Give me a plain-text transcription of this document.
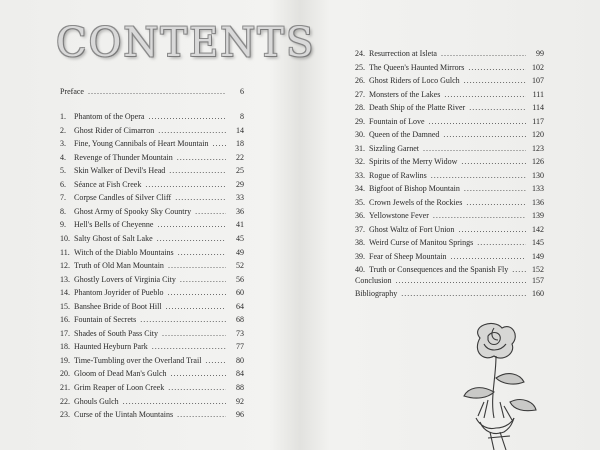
CONTENTS
Preface .....	6
1. Phantom of the Opera .....	8
2. Ghost Rider of Cimarron .....	14
3. Fine, Young Cannibals of Heart Mountain .....	18
4. Revenge of Thunder Mountain .....	22
5. Skin Walker of Devil's Head .....	25
6. Séance at Fish Creek .....	29
7. Corpse Candles of Silver Cliff .....	33
8. Ghost Army of Spooky Sky Country .....	36
9. Hell's Bells of Cheyenne .....	41
10. Salty Ghost of Salt Lake .....	45
11. Witch of the Diablo Mountains .....	49
12. Truth of Old Man Mountain .....	52
13. Ghostly Lovers of Virginia City .....	56
14. Phantom Joyrider of Pueblo .....	60
15. Banshee Bride of Boot Hill .....	64
16. Fountain of Secrets .....	68
17. Shades of South Pass City .....	73
18. Haunted Heyburn Park .....	77
19. Time-Tumbling over the Overland Trail .....	80
20. Gloom of Dead Man's Gulch .....	84
21. Grim Reaper of Loon Creek .....	88
22. Ghouls Gulch .....	92
23. Curse of the Uintah Mountains .....	96
24. Resurrection at Isleta .....	99
25. The Queen's Haunted Mirrors .....	102
26. Ghost Riders of Loco Gulch .....	107
27. Monsters of the Lakes .....	111
28. Death Ship of the Platte River .....	114
29. Fountain of Love .....	117
30. Queen of the Damned .....	120
31. Sizzling Garnet .....	123
32. Spirits of the Merry Widow .....	126
33. Rogue of Rawlins .....	130
34. Bigfoot of Bishop Mountain .....	133
35. Crown Jewels of the Rockies .....	136
36. Yellowstone Fever .....	139
37. Ghost Waltz of Fort Union .....	142
38. Weird Curse of Manitou Springs .....	145
39. Fear of Sheep Mountain .....	149
40. Truth or Consequences and the Spanish Fly .....	152
Conclusion .....	157
Bibliography .....	160
